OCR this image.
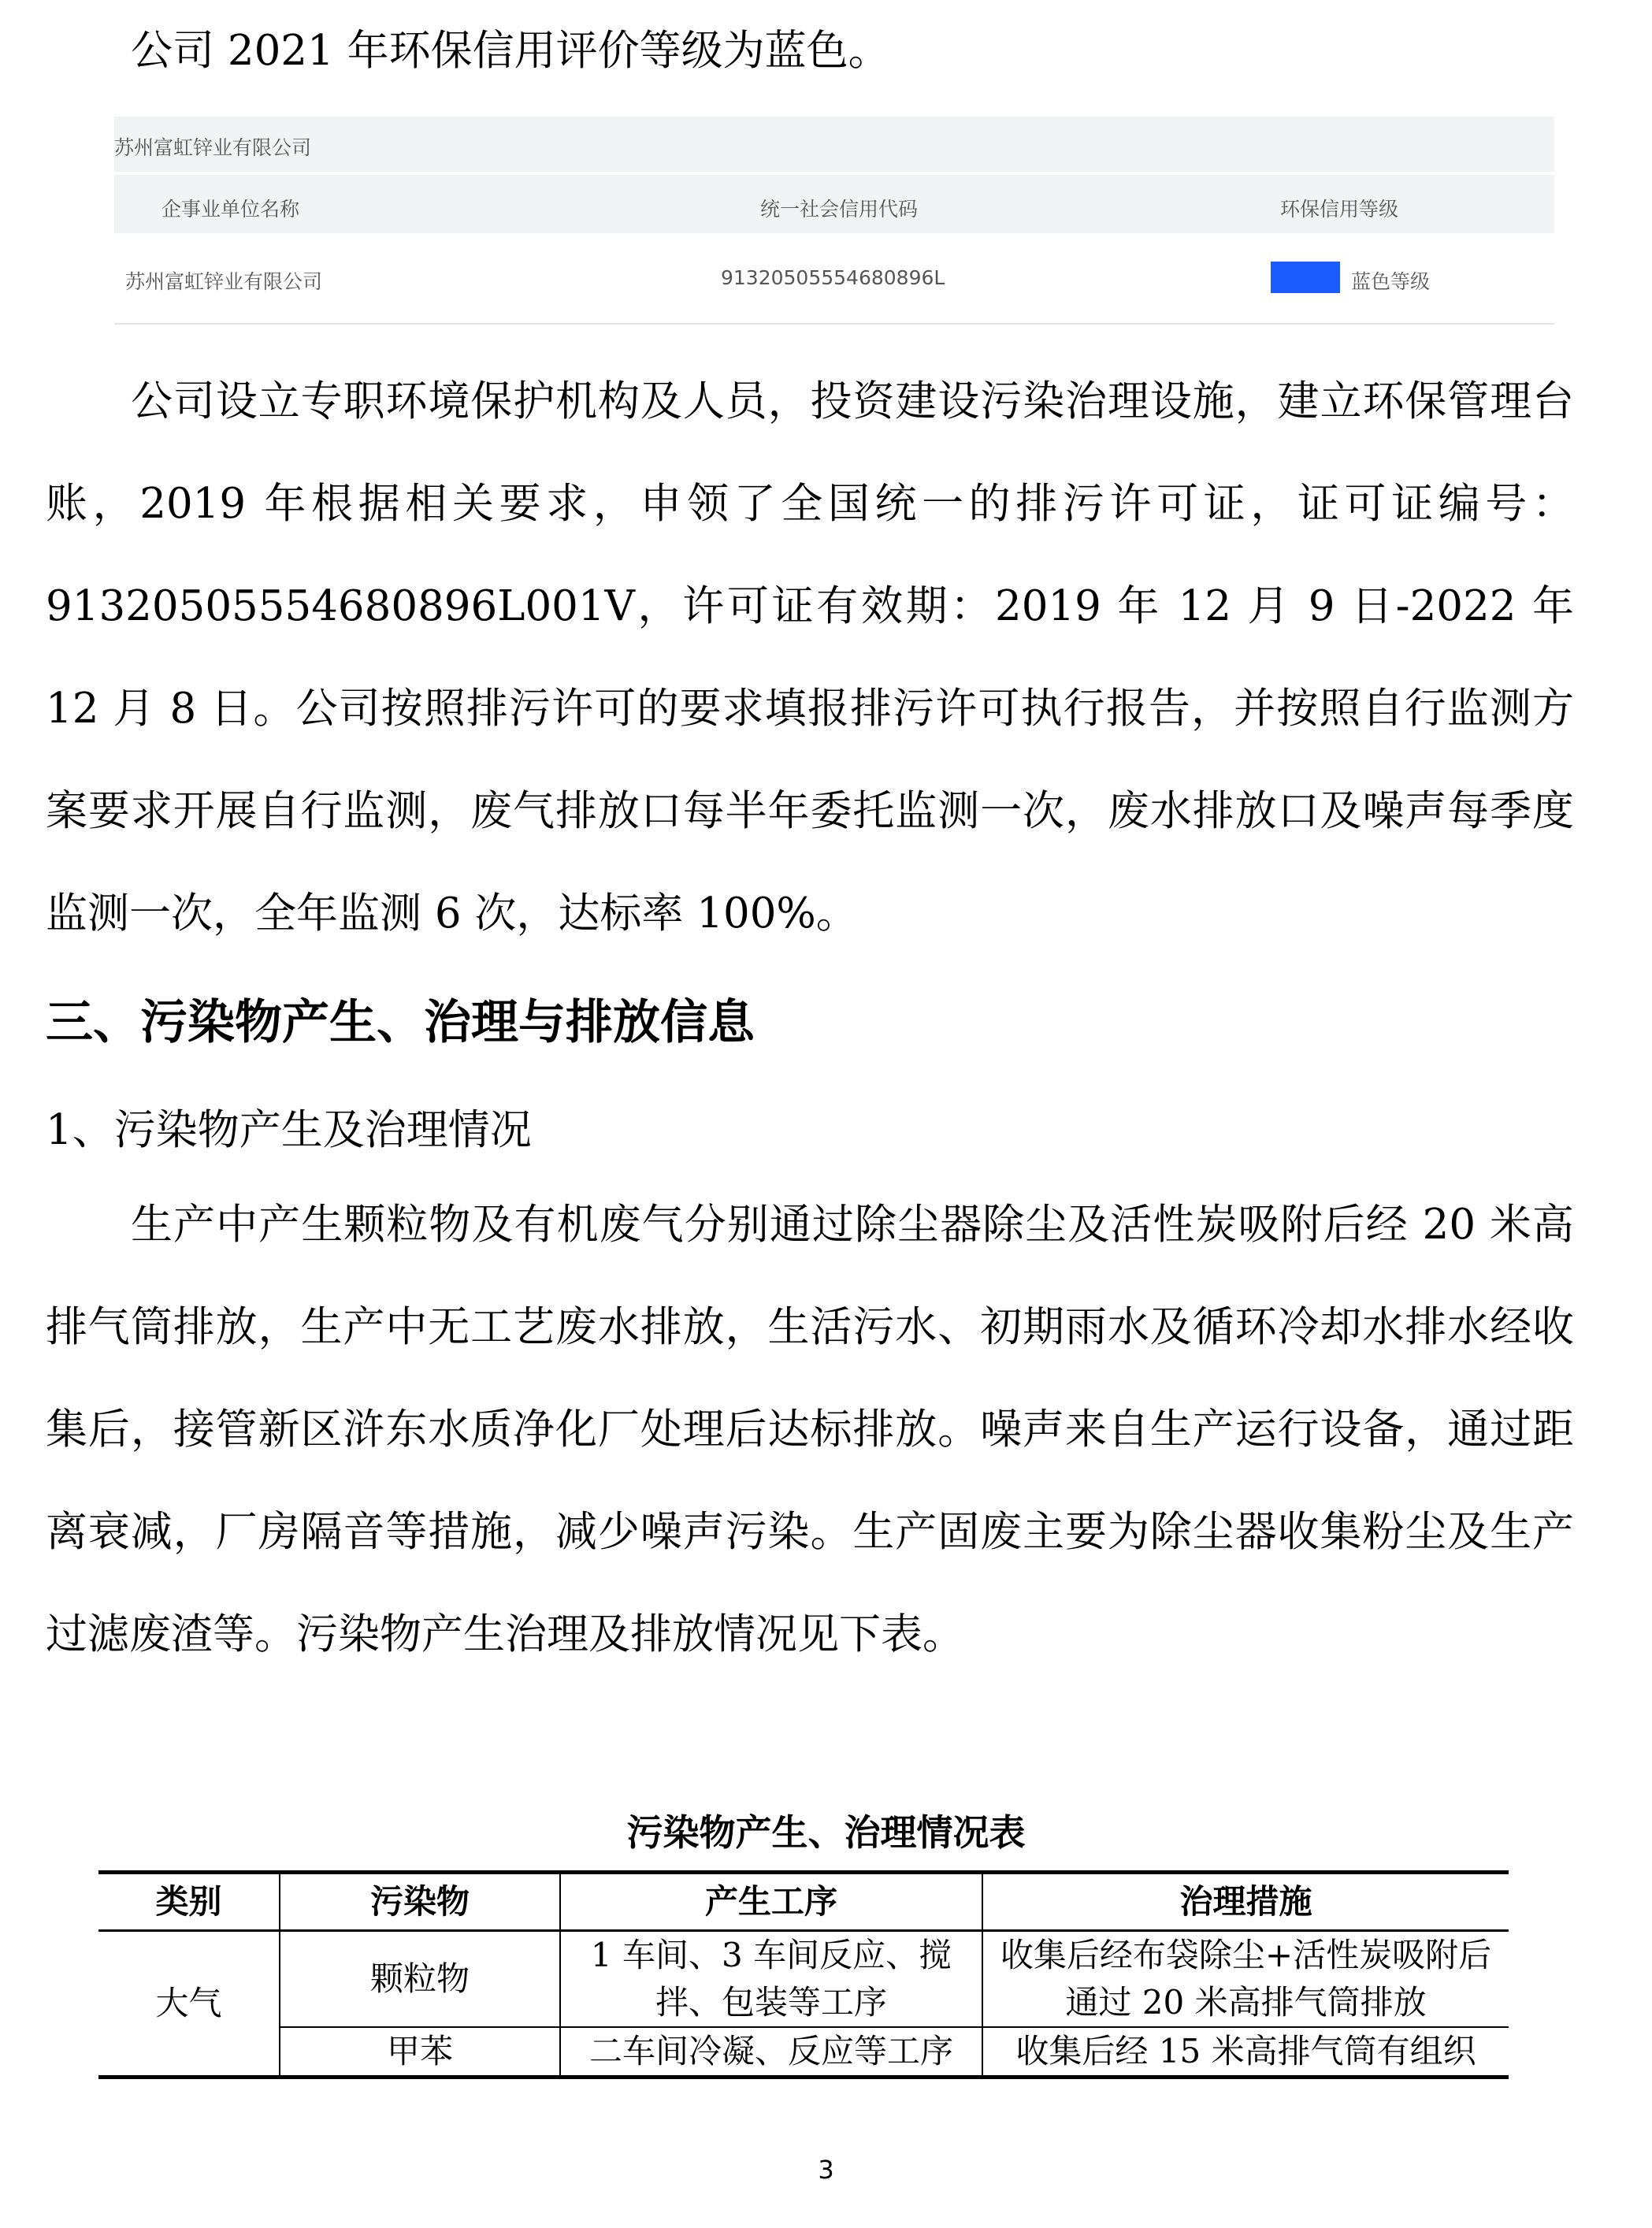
公司 2021 年环保信用评价等级为蓝色。

苏州富虹锌业有限公司
企事业单位名称	统一社会信用代码	环保信用等级
苏州富虹锌业有限公司	91320505554680896L	蓝色等级

公司设立专职环境保护机构及人员，投资建设污染治理设施，建立环保管理台账，2019 年根据相关要求，申领了全国统一的排污许可证，证可证编号：91320505554680896L001V，许可证有效期：2019 年 12 月 9 日-2022 年 12 月 8 日。公司按照排污许可的要求填报排污许可执行报告，并按照自行监测方案要求开展自行监测，废气排放口每半年委托监测一次，废水排放口及噪声每季度监测一次，全年监测 6 次，达标率 100%。

三、污染物产生、治理与排放信息

1、污染物产生及治理情况

生产中产生颗粒物及有机废气分别通过除尘器除尘及活性炭吸附后经 20 米高排气筒排放，生产中无工艺废水排放，生活污水、初期雨水及循环冷却水排水经收集后，接管新区浒东水质净化厂处理后达标排放。噪声来自生产运行设备，通过距离衰减，厂房隔音等措施，减少噪声污染。生产固废主要为除尘器收集粉尘及生产过滤废渣等。污染物产生治理及排放情况见下表。

污染物产生、治理情况表

类别	污染物	产生工序	治理措施
大气	颗粒物	1 车间、3 车间反应、搅拌、包装等工序	收集后经布袋除尘+活性炭吸附后通过 20 米高排气筒排放
	甲苯	二车间冷凝、反应等工序	收集后经 15 米高排气筒有组织
3
